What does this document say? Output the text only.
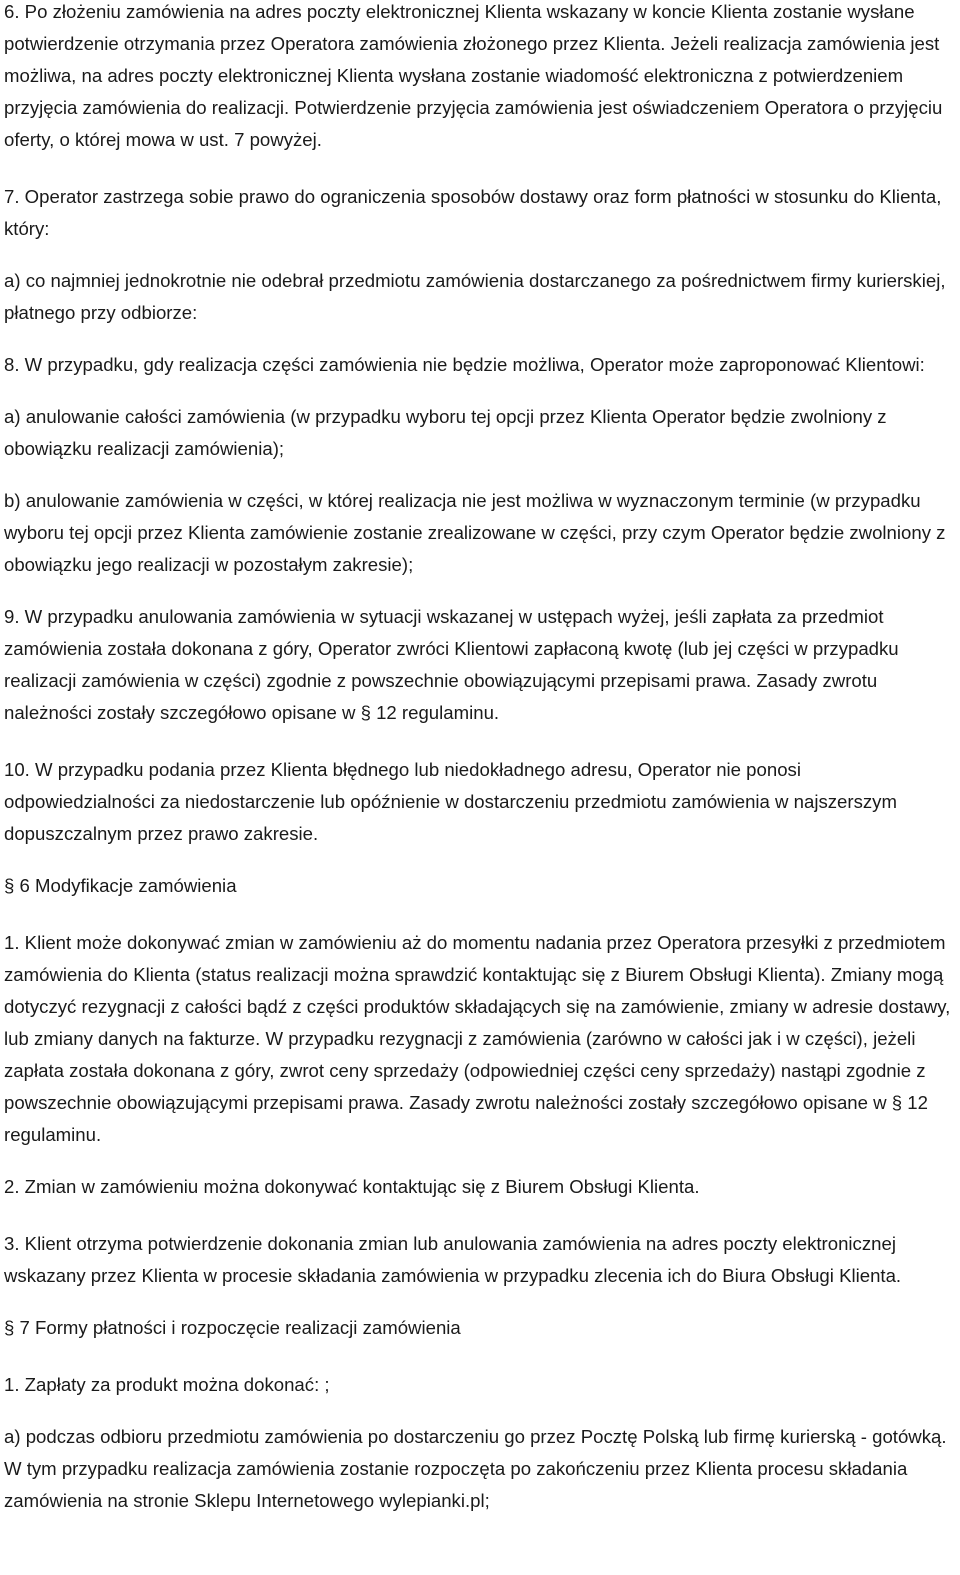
6. Po złożeniu zamówienia na adres poczty elektronicznej Klienta wskazany w koncie Klienta zostanie wysłane potwierdzenie otrzymania przez Operatora zamówienia złożonego przez Klienta. Jeżeli realizacja zamówienia jest możliwa, na adres poczty elektronicznej Klienta wysłana zostanie wiadomość elektroniczna z potwierdzeniem przyjęcia zamówienia do realizacji. Potwierdzenie przyjęcia zamówienia jest oświadczeniem Operatora o przyjęciu oferty, o której mowa w ust. 7 powyżej.

7. Operator zastrzega sobie prawo do ograniczenia sposobów dostawy oraz form płatności w stosunku do Klienta, który:

a) co najmniej jednokrotnie nie odebrał przedmiotu zamówienia dostarczanego za pośrednictwem firmy kurierskiej, płatnego przy odbiorze:

8. W przypadku, gdy realizacja części zamówienia nie będzie możliwa, Operator może zaproponować Klientowi:

a) anulowanie całości zamówienia (w przypadku wyboru tej opcji przez Klienta Operator będzie zwolniony z obowiązku realizacji zamówienia);

b) anulowanie zamówienia w części, w której realizacja nie jest możliwa w wyznaczonym terminie (w przypadku wyboru tej opcji przez Klienta zamówienie zostanie zrealizowane w części, przy czym Operator będzie zwolniony z obowiązku jego realizacji w pozostałym zakresie);

9. W przypadku anulowania zamówienia w sytuacji wskazanej w ustępach wyżej, jeśli zapłata za przedmiot zamówienia została dokonana z góry, Operator zwróci Klientowi zapłaconą kwotę (lub jej części w przypadku realizacji zamówienia w części) zgodnie z powszechnie obowiązującymi przepisami prawa. Zasady zwrotu należności zostały szczegółowo opisane w § 12 regulaminu.

10. W przypadku podania przez Klienta błędnego lub niedokładnego adresu, Operator nie ponosi odpowiedzialności za niedostarczenie lub opóźnienie w dostarczeniu przedmiotu zamówienia w najszerszym dopuszczalnym przez prawo zakresie.

§ 6 Modyfikacje zamówienia

1. Klient może dokonywać zmian w zamówieniu aż do momentu nadania przez Operatora przesyłki z przedmiotem zamówienia do Klienta (status realizacji można sprawdzić kontaktując się z Biurem Obsługi Klienta). Zmiany mogą dotyczyć rezygnacji z całości bądź z części produktów składających się na zamówienie, zmiany w adresie dostawy, lub zmiany danych na fakturze. W przypadku rezygnacji z zamówienia (zarówno w całości jak i w części), jeżeli zapłata została dokonana z góry, zwrot ceny sprzedaży (odpowiedniej części ceny sprzedaży) nastąpi zgodnie z powszechnie obowiązującymi przepisami prawa. Zasady zwrotu należności zostały szczegółowo opisane w § 12 regulaminu.

2. Zmian w zamówieniu można dokonywać kontaktując się z Biurem Obsługi Klienta.

3. Klient otrzyma potwierdzenie dokonania zmian lub anulowania zamówienia na adres poczty elektronicznej wskazany przez Klienta w procesie składania zamówienia w przypadku zlecenia ich do Biura Obsługi Klienta.

§ 7 Formy płatności i rozpoczęcie realizacji zamówienia

1. Zapłaty za produkt można dokonać: ;

a) podczas odbioru przedmiotu zamówienia po dostarczeniu go przez Pocztę Polską lub firmę kurierską - gotówką. W tym przypadku realizacja zamówienia zostanie rozpoczęta po zakończeniu przez Klienta procesu składania zamówienia na stronie Sklepu Internetowego wylepianki.pl;
